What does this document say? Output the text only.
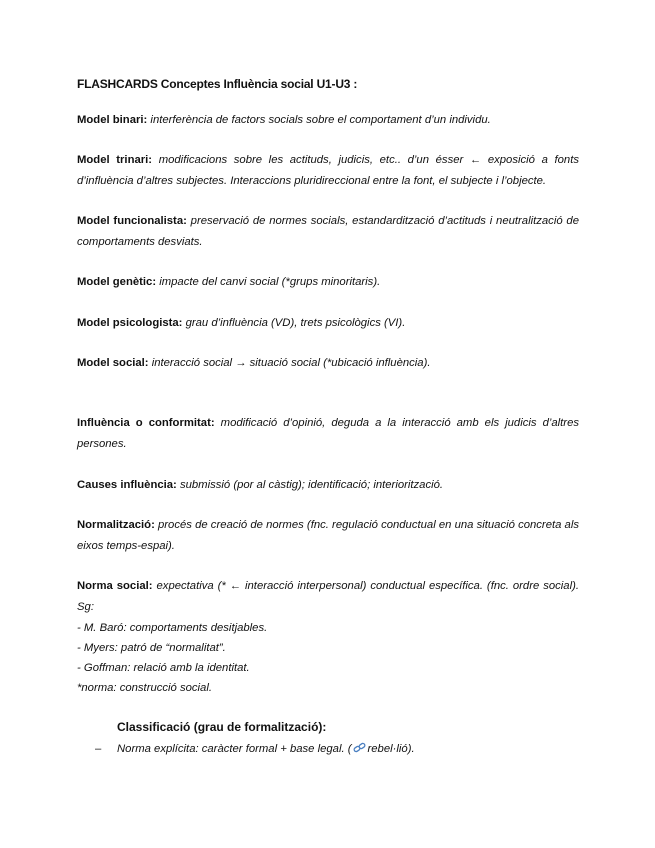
FLASHCARDS Conceptes Influència social U1-U3 :
Model binari: interferència de factors socials sobre el comportament d’un individu.
Model trinari: modificacions sobre les actituds, judicis, etc.. d’un ésser ← exposició a fonts d’influència d’altres subjectes. Interaccions pluridireccional entre la font, el subjecte i l’objecte.
Model funcionalista: preservació de normes socials, estandardització d’actituds i neutralització de comportaments desviats.
Model genètic: impacte del canvi social (*grups minoritaris).
Model psicologista: grau d’influència (VD), trets psicològics (VI).
Model social: interacció social → situació social (*ubicació influència).
Influència o conformitat: modificació d’opinió, deguda a la interacció amb els judicis d’altres persones.
Causes influència: submissió (por al càstig); identificació; interiorització.
Normalització: procés de creació de normes (fnc. regulació conductual en una situació concreta als eixos temps-espai).
Norma social: expectativa (* ← interacció interpersonal) conductual específica. (fnc. ordre social). Sg:
- M. Baró: comportaments desitjables.
- Myers: patró de “normalitat”.
- Goffman: relació amb la identitat.
*norma: construcció social.
Classificació (grau de formalització):
– Norma explícita: caràcter formal + base legal. ( rebel·lió).
